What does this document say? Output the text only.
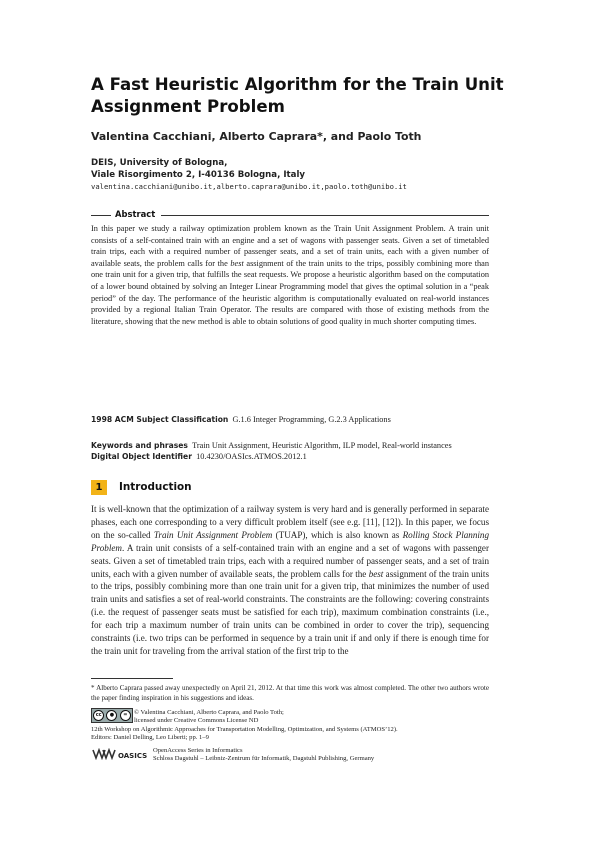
A Fast Heuristic Algorithm for the Train Unit Assignment Problem
Valentina Cacchiani, Alberto Caprara*, and Paolo Toth
DEIS, University of Bologna,
Viale Risorgimento 2, I-40136 Bologna, Italy
valentina.cacchiani@unibo.it,alberto.caprara@unibo.it,paolo.toth@unibo.it
Abstract

In this paper we study a railway optimization problem known as the Train Unit Assignment Problem. A train unit consists of a self-contained train with an engine and a set of wagons with passenger seats. Given a set of timetabled train trips, each with a required number of passenger seats, and a set of train units, each with a given number of available seats, the problem calls for the best assignment of the train units to the trips, possibly combining more than one train unit for a given trip, that fulfills the seat requests. We propose a heuristic algorithm based on the computation of a lower bound obtained by solving an Integer Linear Programming model that gives the optimal solution in a “peak period” of the day. The performance of the heuristic algorithm is computationally evaluated on real-world instances provided by a regional Italian Train Operator. The results are compared with those of existing methods from the literature, showing that the new method is able to obtain solutions of good quality in much shorter computing times.

1998 ACM Subject Classification G.1.6 Integer Programming, G.2.3 Applications

Keywords and phrases Train Unit Assignment, Heuristic Algorithm, ILP model, Real-world instances

1	Introduction

It is well-known that the optimization of a railway system is very hard and is generally performed in separate phases, each one corresponding to a very difficult problem itself (see e.g. [11], [12]). In this paper, we focus on the so-called Train Unit Assignment Problem (TUAP), which is also known as Rolling Stock Planning Problem. A train unit consists of a self-contained train with an engine and a set of wagons with passenger seats. Given a set of timetabled train trips, each with a required number of passenger seats, and a set of train units, each with a given number of available seats, the problem calls for the best assignment of the train units to the trips, possibly combining more than one train unit for a given trip, that minimizes the number of used train units and satisfies a set of real-world constraints. The constraints are the following: covering constraints (i.e. the request of passenger seats must be satisfied for each trip), maximum combination constraints (i.e., for each trip a maximum number of train units can be combined in order to cover the trip), sequencing constraints (i.e. two trips can be performed in sequence by a train unit if and only if there is enough time for the train unit for traveling from the arrival station of the first trip to the

* Alberto Caprara passed away unexpectedly on April 21, 2012. At that time this work was almost completed. The other two authors wrote the paper finding inspiration in his suggestions and ideas.

cc	●	= © Valentina Cacchiani, Alberto Caprara, and Paolo Toth;
licensed under Creative Commons License ND
12th Workshop on Algorithmic Approaches for Transportation Modelling, Optimization, and Systems (ATMOS’12).
Editors: Daniel Delling, Leo Liberti; pp. 1–9
OASICS
OpenAccess Series in Informatics
Schloss Dagstuhl – Leibniz-Zentrum für Informatik, Dagstuhl Publishing, Germany

Digital Object Identifier 10.4230/OASIcs.ATMOS.2012.1
